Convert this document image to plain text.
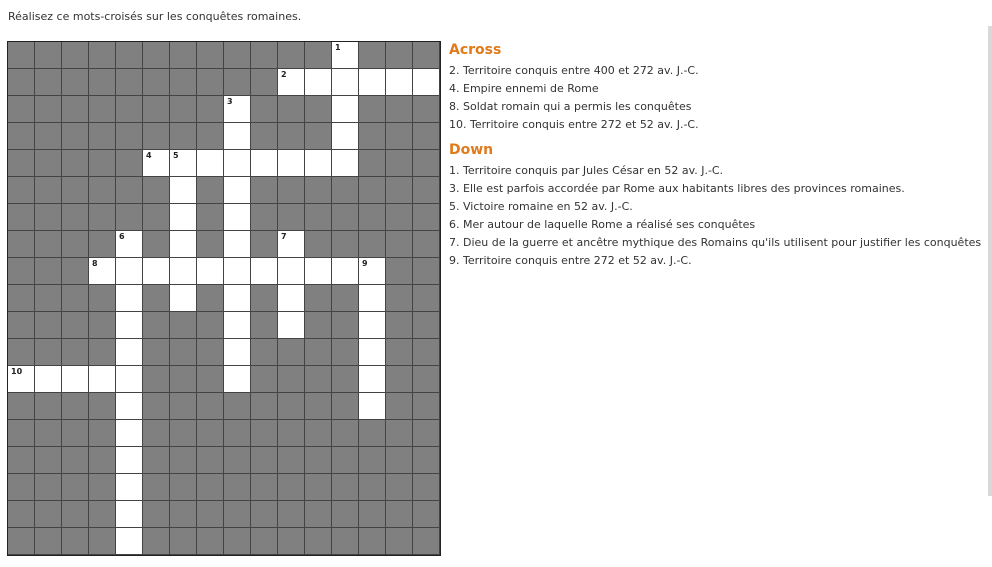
Réalisez ce mots-croisés sur les conquêtes romaines.
1
2
3
4	5
6	7
8	9
10
Across
2. Territoire conquis entre 400 et 272 av. J.-C.
4. Empire ennemi de Rome
8. Soldat romain qui a permis les conquêtes
10. Territoire conquis entre 272 et 52 av. J.-C.
Down
1. Territoire conquis par Jules César en 52 av. J.-C.
3. Elle est parfois accordée par Rome aux habitants libres des provinces romaines.
5. Victoire romaine en 52 av. J.-C.
6. Mer autour de laquelle Rome a réalisé ses conquêtes
7. Dieu de la guerre et ancêtre mythique des Romains qu'ils utilisent pour justifier les conquêtes
9. Territoire conquis entre 272 et 52 av. J.-C.
